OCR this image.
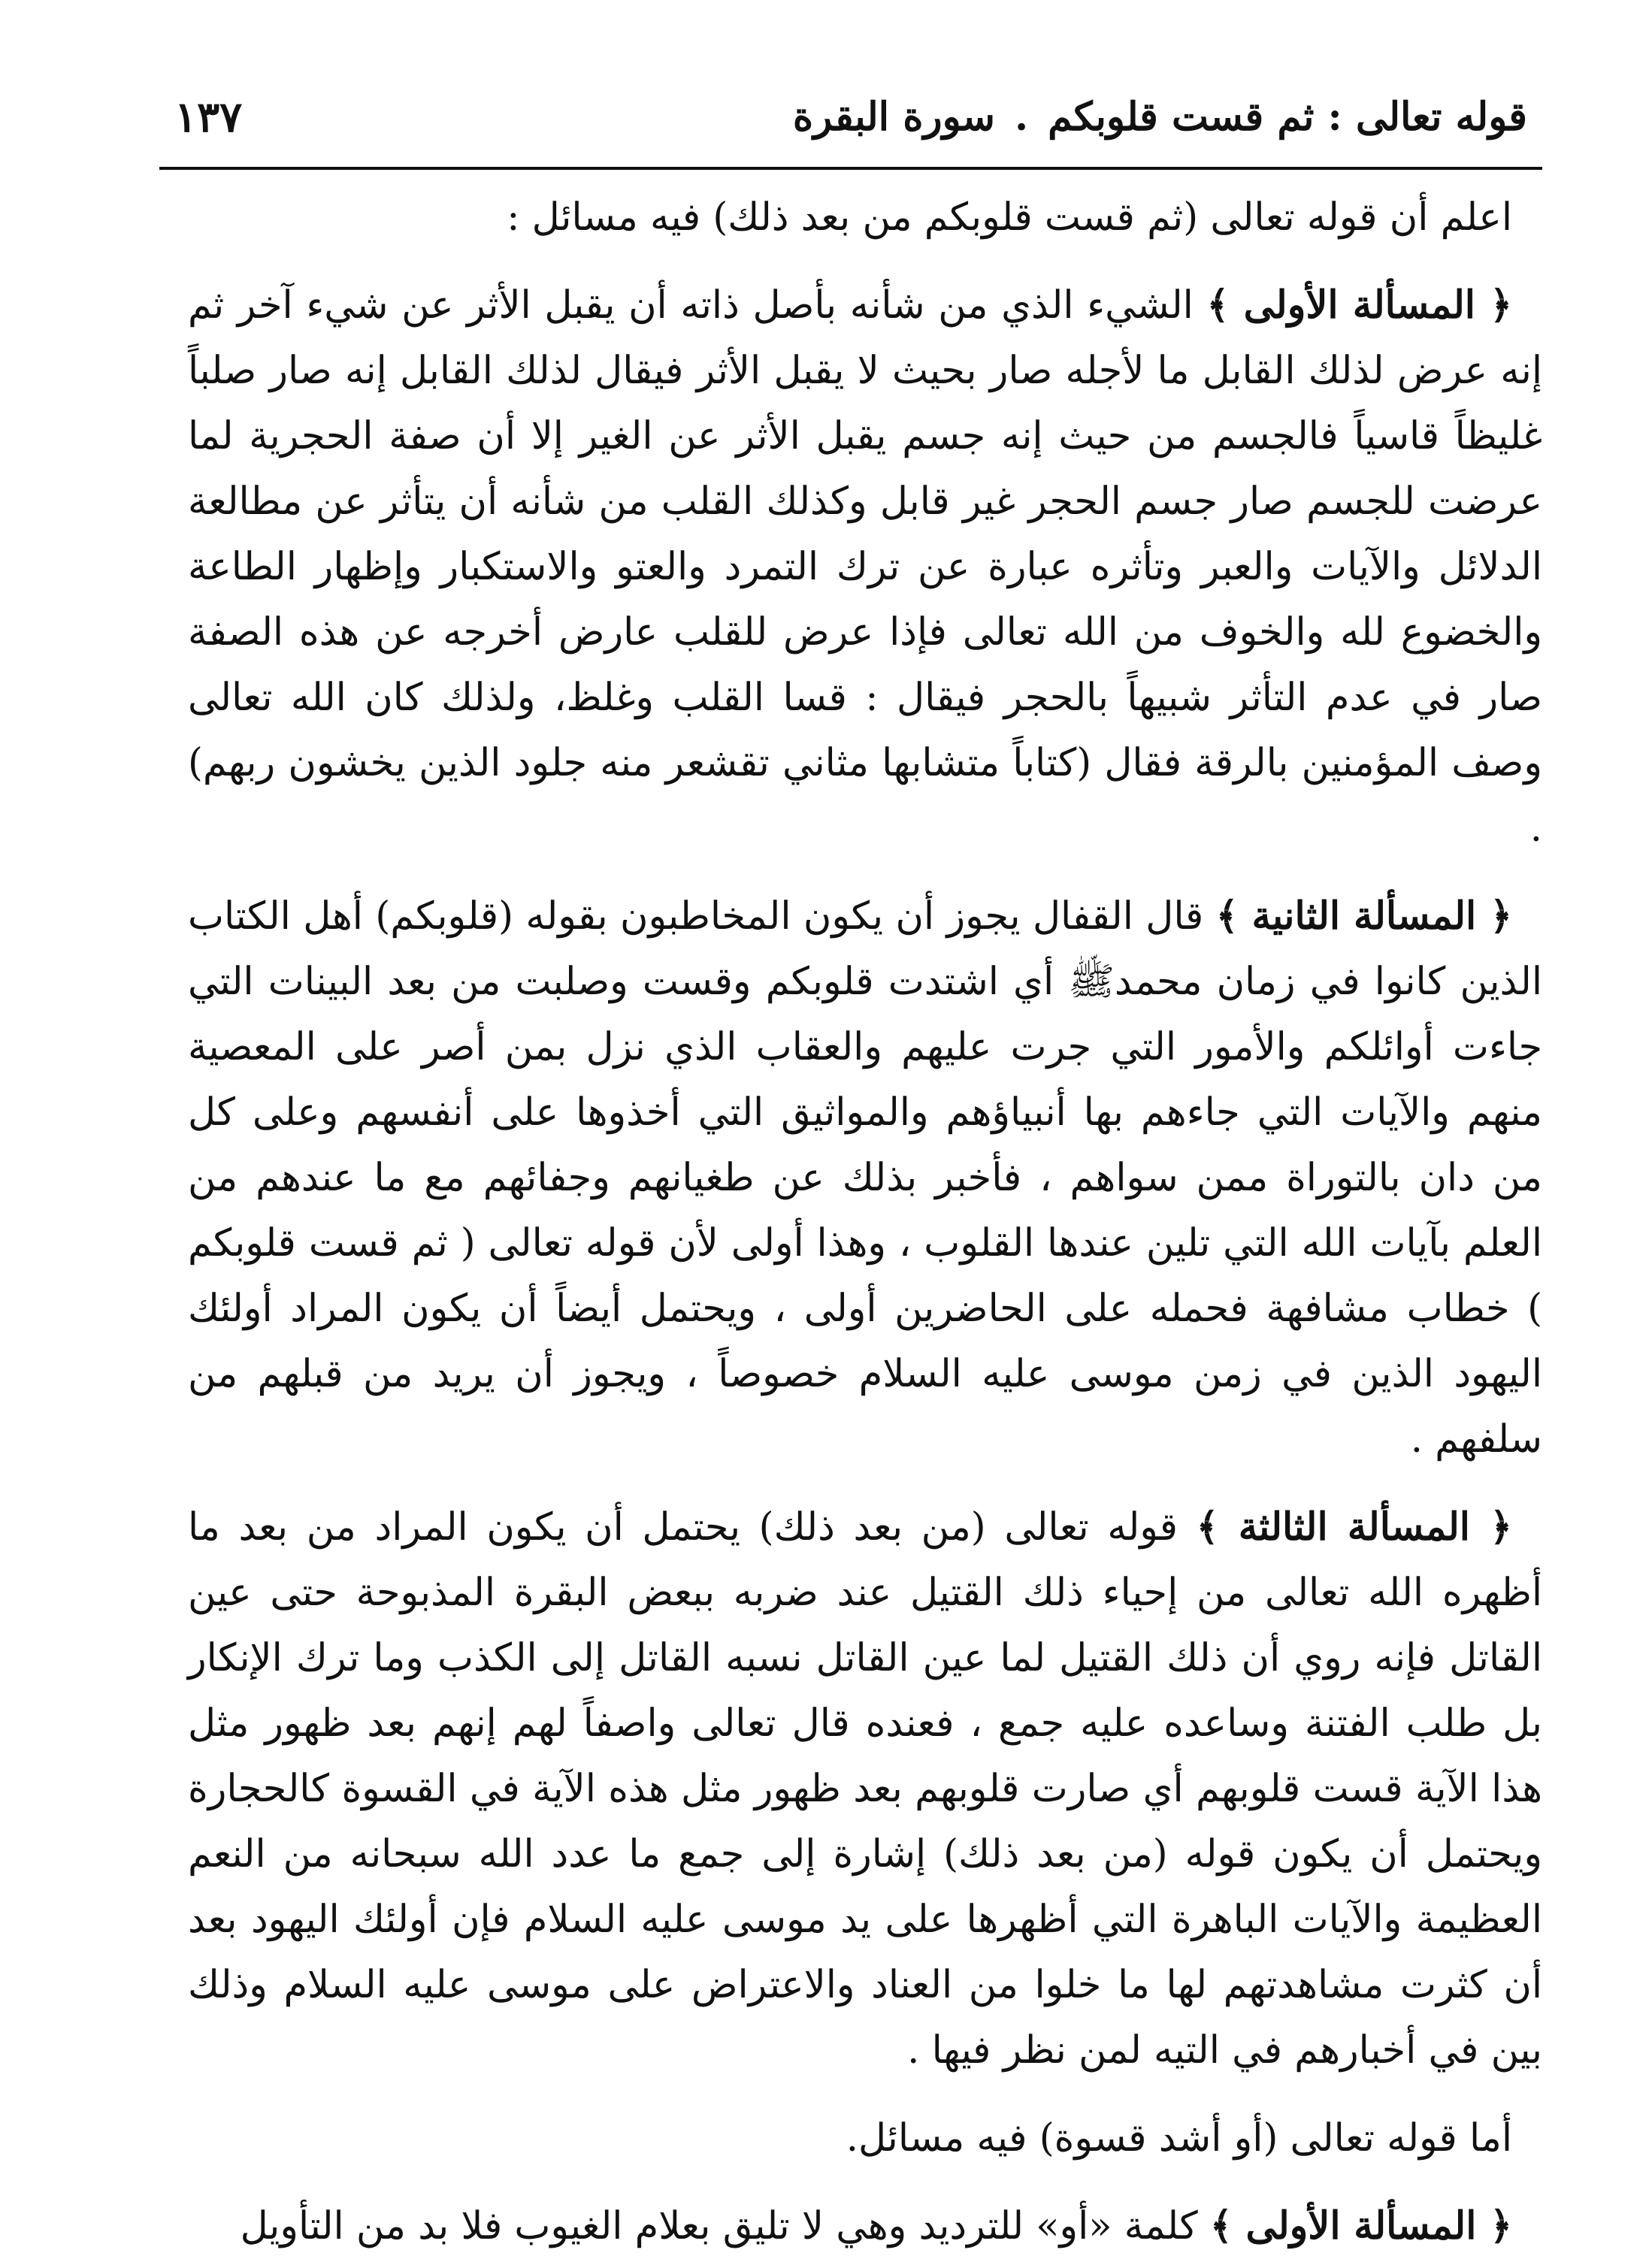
قوله تعالى : ثم قست قلوبكم.سورة البقرة
١٣٧

اعلم أن قوله تعالى (ثم قست قلوبكم من بعد ذلك) فيه مسائل :

﴿ المسألة الأولى ﴾ الشيء الذي من شأنه بأصل ذاته أن يقبل الأثر عن شيء آخر ثم إنه عرض لذلك القابل ما لأجله صار بحيث لا يقبل الأثر فيقال لذلك القابل إنه صار صلباً غليظاً قاسياً فالجسم من حيث إنه جسم يقبل الأثر عن الغير إلا أن صفة الحجرية لما عرضت للجسم صار جسم الحجر غير قابل وكذلك القلب من شأنه أن يتأثر عن مطالعة الدلائل والآيات والعبر وتأثره عبارة عن ترك التمرد والعتو والاستكبار وإظهار الطاعة والخضوع لله والخوف من الله تعالى فإذا عرض للقلب عارض أخرجه عن هذه الصفة صار في عدم التأثر شبيهاً بالحجر فيقال : قسا القلب وغلظ، ولذلك كان الله تعالى وصف المؤمنين بالرقة فقال (كتاباً متشابها مثاني تقشعر منه جلود الذين يخشون ربهم) .

﴿ المسألة الثانية ﴾ قال القفال يجوز أن يكون المخاطبون بقوله (قلوبكم) أهل الكتاب الذين كانوا في زمان محمدﷺ أي اشتدت قلوبكم وقست وصلبت من بعد البينات التي جاءت أوائلكم والأمور التي جرت عليهم والعقاب الذي نزل بمن أصر على المعصية منهم والآيات التي جاءهم بها أنبياؤهم والمواثيق التي أخذوها على أنفسهم وعلى كل من دان بالتوراة ممن سواهم ، فأخبر بذلك عن طغيانهم وجفائهم مع ما عندهم من العلم بآيات الله التي تلين عندها القلوب ، وهذا أولى لأن قوله تعالى ( ثم قست قلوبكم ) خطاب مشافهة فحمله على الحاضرين أولى ، ويحتمل أيضاً أن يكون المراد أولئك اليهود الذين في زمن موسى عليه السلام خصوصاً ، ويجوز أن يريد من قبلهم من سلفهم .

﴿ المسألة الثالثة ﴾ قوله تعالى (من بعد ذلك) يحتمل أن يكون المراد من بعد ما أظهره الله تعالى من إحياء ذلك القتيل عند ضربه ببعض البقرة المذبوحة حتى عين القاتل فإنه روي أن ذلك القتيل لما عين القاتل نسبه القاتل إلى الكذب وما ترك الإنكار بل طلب الفتنة وساعده عليه جمع ، فعنده قال تعالى واصفاً لهم إنهم بعد ظهور مثل هذا الآية قست قلوبهم أي صارت قلوبهم بعد ظهور مثل هذه الآية في القسوة كالحجارة ويحتمل أن يكون قوله (من بعد ذلك) إشارة إلى جمع ما عدد الله سبحانه من النعم العظيمة والآيات الباهرة التي أظهرها على يد موسى عليه السلام فإن أولئك اليهود بعد أن كثرت مشاهدتهم لها ما خلوا من العناد والاعتراض على موسى عليه السلام وذلك بين في أخبارهم في التيه لمن نظر فيها .

أما قوله تعالى (أو أشد قسوة) فيه مسائل.

﴿ المسألة الأولى ﴾ كلمة «أو» للترديد وهي لا تليق بعلام الغيوب فلا بد من التأويل
